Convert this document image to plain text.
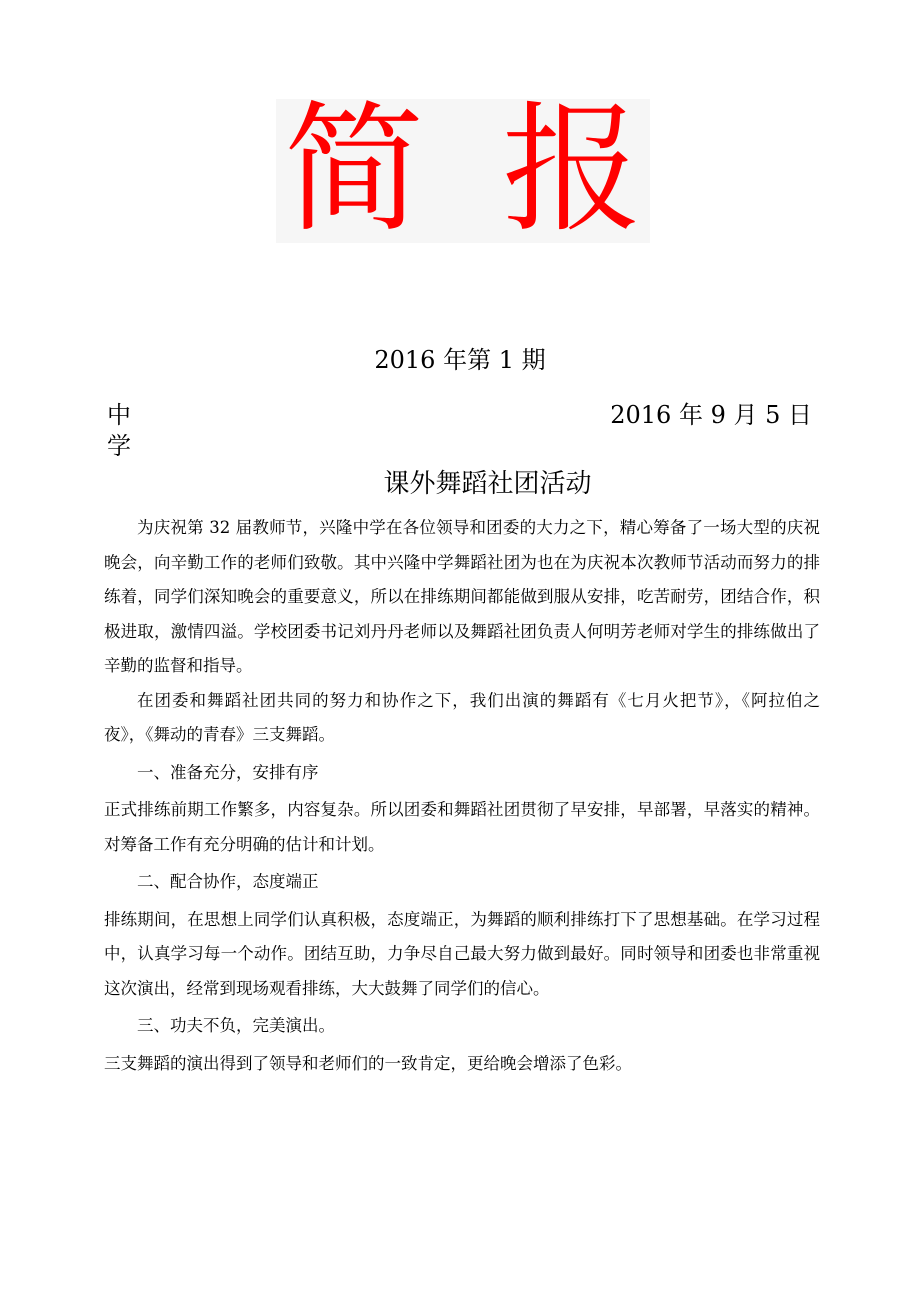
简 报
2016 年第 1 期
中学
2016 年 9 月 5 日
课外舞蹈社团活动

为庆祝第 32 届教师节，兴隆中学在各位领导和团委的大力之下，精心筹备了一场大型的庆祝晚会，向辛勤工作的老师们致敬。其中兴隆中学舞蹈社团为也在为庆祝本次教师节活动而努力的排练着，同学们深知晚会的重要意义，所以在排练期间都能做到服从安排，吃苦耐劳，团结合作，积极进取，激情四溢。学校团委书记刘丹丹老师以及舞蹈社团负责人何明芳老师对学生的排练做出了辛勤的监督和指导。

在团委和舞蹈社团共同的努力和协作之下，我们出演的舞蹈有《七月火把节》，《阿拉伯之夜》，《舞动的青春》三支舞蹈。

一、准备充分，安排有序

正式排练前期工作繁多，内容复杂。所以团委和舞蹈社团贯彻了早安排，早部署，早落实的精神。对筹备工作有充分明确的估计和计划。

二、配合协作，态度端正

排练期间，在思想上同学们认真积极，态度端正，为舞蹈的顺利排练打下了思想基础。在学习过程中，认真学习每一个动作。团结互助，力争尽自己最大努力做到最好。同时领导和团委也非常重视这次演出，经常到现场观看排练，大大鼓舞了同学们的信心。

三、功夫不负，完美演出。

三支舞蹈的演出得到了领导和老师们的一致肯定，更给晚会增添了色彩。
